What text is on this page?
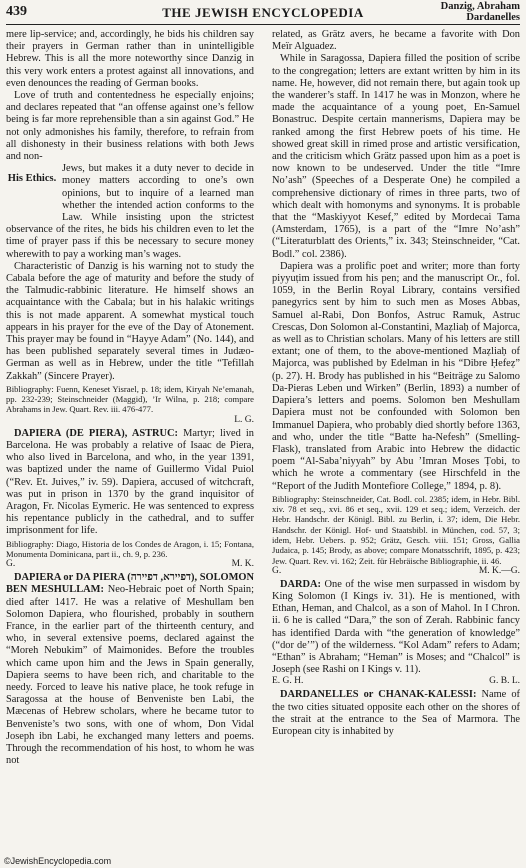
439	THE JEWISH ENCYCLOPEDIA	Danzig, Abraham
Dardanelles

mere lip-service; and, accordingly, he bids his children say their prayers in German rather than in unintelligible Hebrew. This is all the more noteworthy since Danzig in this very work enters a protest against all innovations, and even denounces the reading of German books.

Love of truth and contentedness he especially enjoins; and declares repeated that “an offense against one’s fellow being is far more reprehensible than a sin against God.” He not only admonishes his family, therefore, to refrain from all dishonesty in their business relations with both Jews and non-

His Ethics.

Jews, but makes it a duty never to decide in money matters according to one’s own opinions, but to inquire of a learned man whether the intended action conforms to the Law. While insisting upon the strictest observance of the rites, he bids his children even to let the time of prayer pass if this be necessary to secure money wherewith to pay a working man’s wages.

Characteristic of Danzig is his warning not to study the Cabala before the age of maturity and before the study of the Talmudic-rabbinic literature. He himself shows an acquaintance with the Cabala; but in his halakic writings this is not made apparent. A somewhat mystical touch appears in his prayer for the eve of the Day of Atonement. This prayer may be found in “Hayye Adam” (No. 144), and has been published separately several times in Judæo-German as well as in Hebrew, under the title “Tefillah Zakkah” (Sincere Prayer).

Bibliography: Fuenn, Keneset Yisrael, p. 18; idem, Kiryah Ne’emanah, pp. 232-239; Steinschneider (Maggid), ’Ir Wilna, p. 218; compare Abrahams in Jew. Quart. Rev. iii. 476-477.

L. G.

DAPIERA (DE PIERA), ASTRUC: Martyr; lived in Barcelona. He was probably a relative of Isaac de Piera, who also lived in Barcelona, and who, in the year 1391, was baptized under the name of Guillermo Vidal Puiol (“Rev. Et. Juives,” iv. 59). Dapiera, accused of witchcraft, was put in prison in 1370 by the grand inquisitor of Aragon, Fr. Nicolas Eymeric. He was sentenced to express his repentance publicly in the cathedral, and to suffer imprisonment for life.

Bibliography: Diago, Historia de los Condes de Aragon, i. 15; Fontana, Monumenta Dominicana, part ii., ch. 9, p. 236.

G.	M. K.

DAPIERA or DA PIERA (דפיירא, דפיירה), SOLOMON BEN MESHULLAM: Neo-Hebraic poet of North Spain; died after 1417. He was a relative of Meshullam ben Solomon Dapiera, who flourished, probably in southern France, in the earlier part of the thirteenth century, and who, in several extensive poems, declared against the “Moreh Nebukim” of Maimonides. Before the troubles which came upon him and the Jews in Spain generally, Dapiera seems to have been rich, and charitable to the needy. Forced to leave his native place, he took refuge in Saragossa at the house of Benveniste ben Labi, the Mæcenas of Hebrew scholars, where he became tutor to Benveniste’s two sons, with one of whom, Don Vidal Joseph ibn Labi, he exchanged many letters and poems. Through the recommendation of his host, to whom he was not

related, as Grätz avers, he became a favorite with Don Meïr Alguadez.

While in Saragossa, Dapiera filled the position of scribe to the congregation; letters are extant written by him in its name. He, however, did not remain there, but again took up the wanderer’s staff. In 1417 he was in Monzon, where he made the acquaintance of a young poet, En-Samuel Bonastruc. Despite certain mannerisms, Dapiera may be ranked among the first Hebrew poets of his time. He showed great skill in rimed prose and artistic versification, and the criticism which Grätz passed upon him as a poet is now known to be undeserved. Under the title “Imre No’ash” (Speeches of a Desperate One) he compiled a comprehensive dictionary of rimes in three parts, two of which dealt with homonyms and synonyms. It is probable that the “Maskiyyot Kesef,” edited by Mordecai Tama (Amsterdam, 1765), is a part of the “Imre No’ash” (“Literaturblatt des Orients,” ix. 343; Steinschneider, “Cat. Bodl.” col. 2386).

Dapiera was a prolific poet and writer; more than forty piyyuṭim issued from his pen; and the manuscript Or., fol. 1059, in the Berlin Royal Library, contains versified panegyrics sent by him to such men as Moses Abbas, Samuel al-Rabi, Don Bonfos, Astruc Ramuk, Astruc Crescas, Don Solomon al-Constantini, Maẓliaḥ of Majorca, as well as to Christian scholars. Many of his letters are still extant; one of them, to the above-mentioned Maẓliaḥ of Majorca, was published by Edelman in his “Dibre Ḥefeẓ” (p. 27). H. Brody has published in his “Beiträge zu Salomo Da-Pieras Leben und Wirken” (Berlin, 1893) a number of Dapiera’s letters and poems. Solomon ben Meshullam Dapiera must not be confounded with Solomon ben Immanuel Dapiera, who probably died shortly before 1363, and who, under the title “Batte ha-Nefesh” (Smelling-Flask), translated from Arabic into Hebrew the didactic poem “Al-Saba’niyyah” by Abu ’Imran Moses Ṭobi, to which he wrote a commentary (see Hirschfeld in the “Report of the Judith Montefiore College,” 1894, p. 8).

Bibliography: Steinschneider, Cat. Bodl. col. 2385; idem, in Hebr. Bibl. xiv. 78 et seq., xvi. 86 et seq., xvii. 129 et seq.; idem, Verzeich. der Hebr. Handschr. der Königl. Bibl. zu Berlin, i. 37; idem, Die Hebr. Handschr. der Königl. Hof- und Staatsbibl. in München, cod. 57, 3; idem, Hebr. Uebers. p. 952; Grätz, Gesch. viii. 151; Gross, Gallia Judaica, p. 145; Brody, as above; compare Monatsschrift, 1895, p. 423; Jew. Quart. Rev. vi. 162; Zeit. für Hebräische Bibliographie, ii. 46.

G.	M. K.—G.

DARDA: One of the wise men surpassed in wisdom by King Solomon (I Kings iv. 31). He is mentioned, with Ethan, Heman, and Chalcol, as a son of Mahol. In I Chron. ii. 6 he is called “Dara,” the son of Zerah. Rabbinic fancy has identified Darda with “the generation of knowledge” (“dor de’”) of the wilderness. “Kol Adam” refers to Adam; “Ethan” is Abraham; “Heman” is Moses; and “Chalcol” is Joseph (see Rashi on I Kings v. 11).

E. G. H.	G. B. L.

DARDANELLES or CHANAK-KALESSI: Name of the two cities situated opposite each other on the shores of the strait at the entrance to the Sea of Marmora. The European city is inhabited by

©JewishEncyclopedia.com
